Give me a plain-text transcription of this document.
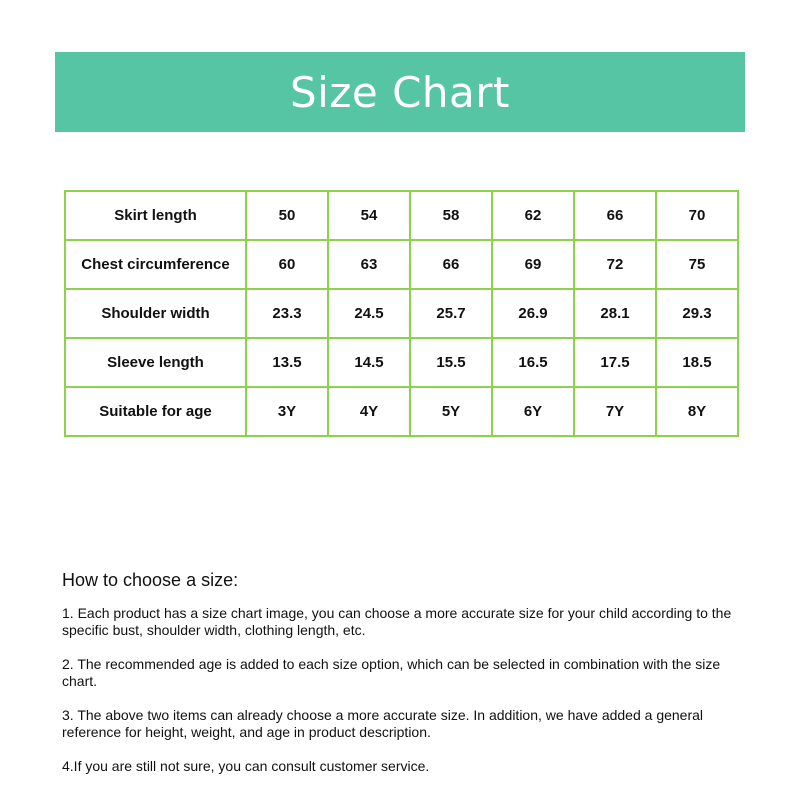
Size Chart
Skirt length	50	54	58	62	66	70
Chest circumference	60	63	66	69	72	75
Shoulder width	23.3	24.5	25.7	26.9	28.1	29.3
Sleeve length	13.5	14.5	15.5	16.5	17.5	18.5
Suitable for age	3Y	4Y	5Y	6Y	7Y	8Y

How to choose a size:

1. Each product has a size chart image, you can choose a more accurate size for your child according to the specific bust, shoulder width, clothing length, etc.

2. The recommended age is added to each size option, which can be selected in combination with the size chart.

3. The above two items can already choose a more accurate size. In addition, we have added a general reference for height, weight, and age in product description.

4.If you are still not sure, you can consult customer service.
